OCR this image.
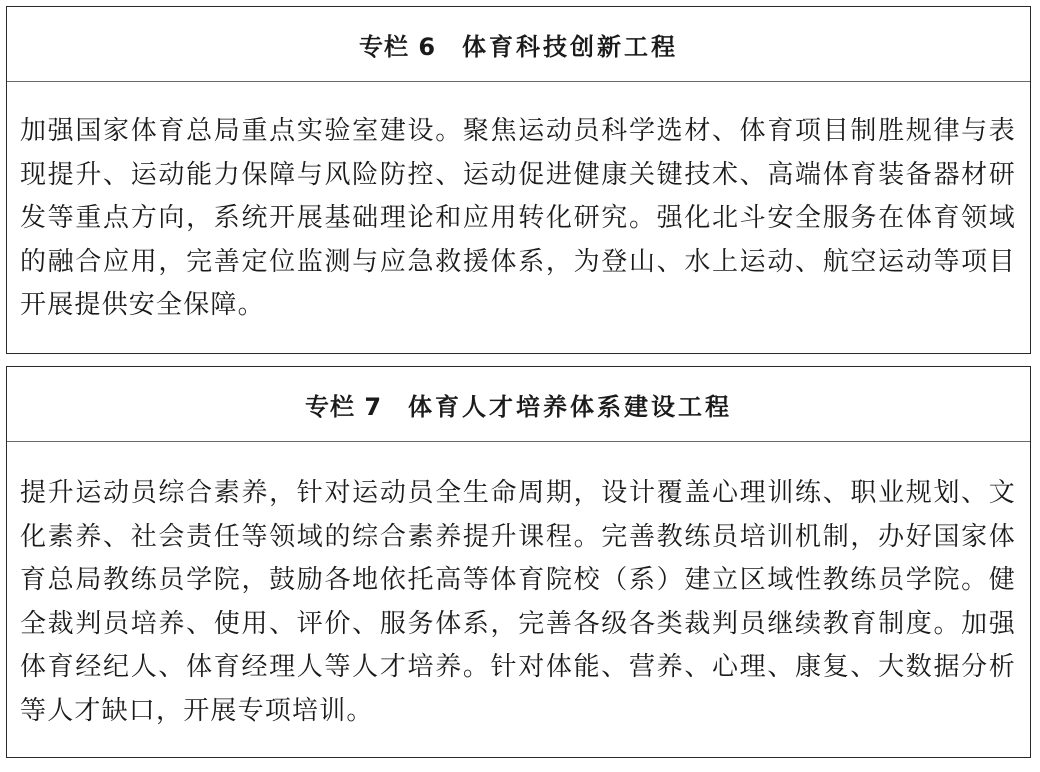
专栏 6 体育科技创新工程
加强国家体育总局重点实验室建设。聚焦运动员科学选材、体育项目制胜规律与表现提升、运动能力保障与风险防控、运动促进健康关键技术、高端体育装备器材研发等重点方向，系统开展基础理论和应用转化研究。强化北斗安全服务在体育领域的融合应用，完善定位监测与应急救援体系，为登山、水上运动、航空运动等项目开展提供安全保障。
专栏 7 体育人才培养体系建设工程
提升运动员综合素养，针对运动员全生命周期，设计覆盖心理训练、职业规划、文化素养、社会责任等领域的综合素养提升课程。完善教练员培训机制，办好国家体育总局教练员学院，鼓励各地依托高等体育院校（系）建立区域性教练员学院。健全裁判员培养、使用、评价、服务体系，完善各级各类裁判员继续教育制度。加强体育经纪人、体育经理人等人才培养。针对体能、营养、心理、康复、大数据分析等人才缺口，开展专项培训。
